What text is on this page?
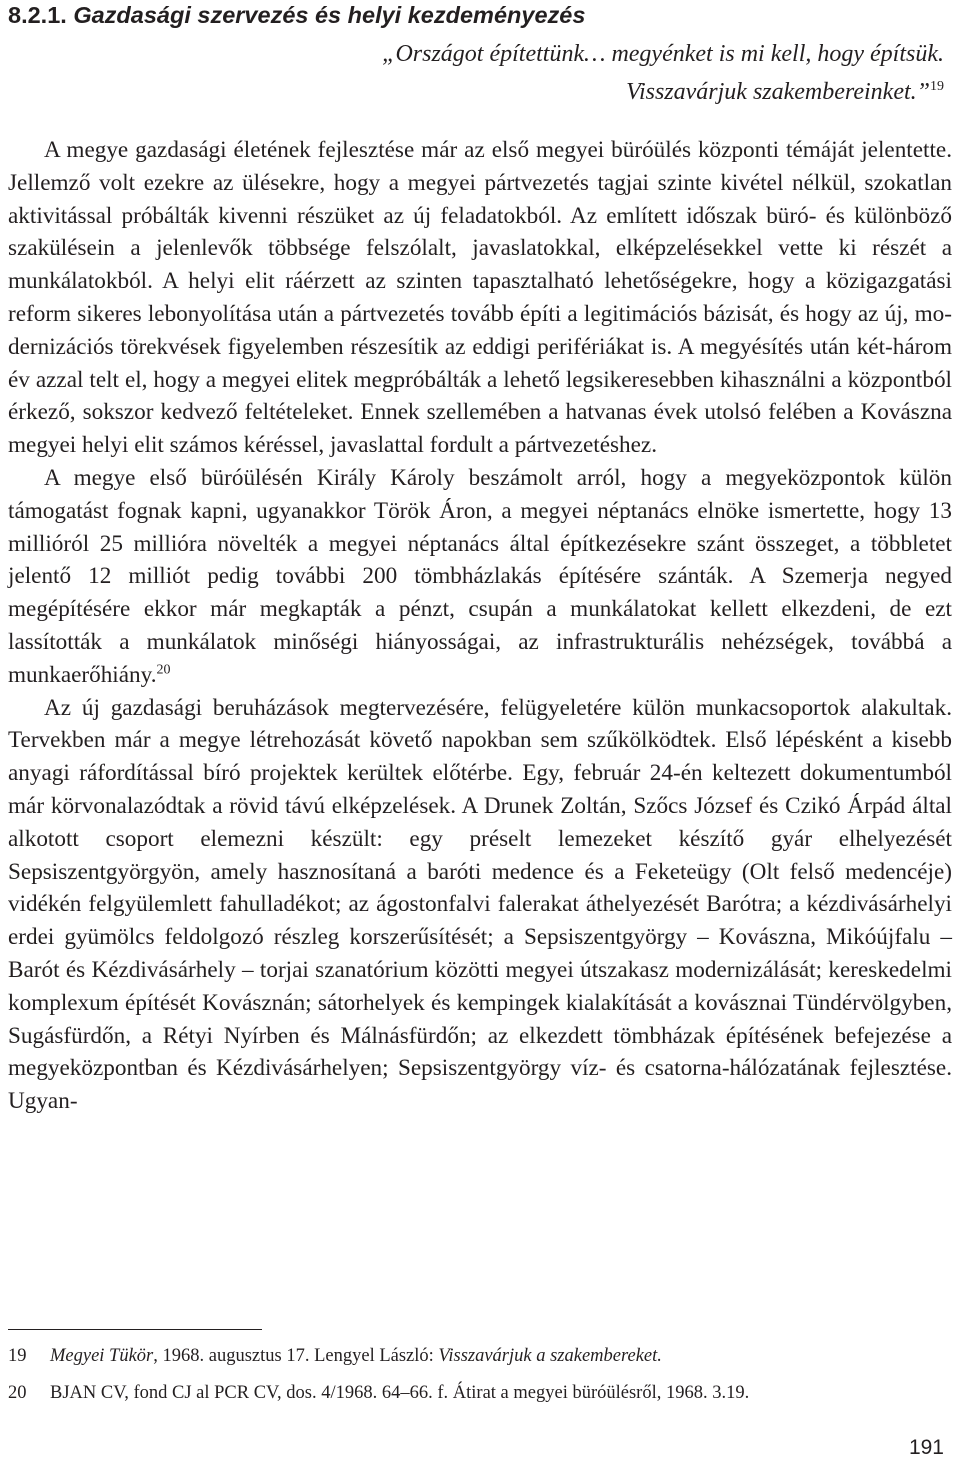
8.2.1. Gazdasági szervezés és helyi kezdeményezés
„Országot építettünk… megyénket is mi kell, hogy építsük.
Visszavárjuk szakembereinket.”$^{19}$

A megye gazdasági életének fejlesztése már az első megyei büróülés központi témáját jelentette. Jellemző volt ezekre az ülésekre, hogy a megyei pártvezetés tagjai szinte kivétel nélkül, szokatlan aktivitással próbálták kivenni részüket az új feladatokból. Az említett időszak büró- és különböző szakülésein a jelenlevők többsége felszólalt, javaslatokkal, elképzelésekkel vette ki részét a munkálatokból. A helyi elit ráérzett az szinten tapasztalható lehetőségekre, hogy a közigazgatási reform sikeres lebonyolítása után a pártvezetés tovább építi a legitimációs bázisát, és hogy az új, modernizációs törekvések figyelemben részesítik az eddigi perifériákat is. A megyésítés után két-három év azzal telt el, hogy a megyei elitek megpróbálták a lehető legsikeresebben kihasználni a központból érkező, sokszor kedvező feltételeket. Ennek szellemében a hatvanas évek utolsó felében a Kovászna megyei helyi elit számos kéréssel, javaslattal fordult a pártvezetéshez.

A megye első büróülésén Király Károly beszámolt arról, hogy a megyeközpontok külön támogatást fognak kapni, ugyanakkor Török Áron, a megyei néptanács elnöke ismertette, hogy 13 millióról 25 millióra növelték a megyei néptanács által építkezésekre szánt összeget, a többletet jelentő 12 milliót pedig további 200 tömbházlakás építésére szánták. A Szemerja negyed megépítésére ekkor már megkapták a pénzt, csupán a munkálatokat kellett elkezdeni, de ezt lassították a munkálatok minőségi hiányosságai, az infrastrukturális nehézségek, továbbá a munkaerőhiány.$^{20}$

Az új gazdasági beruházások megtervezésére, felügyeletére külön munkacsoportok alakultak. Tervekben már a megye létrehozását követő napokban sem szűkölködtek. Első lépésként a kisebb anyagi ráfordítással bíró projektek kerültek előtérbe. Egy, február 24-én keltezett dokumentumból már körvonalazódtak a rövid távú elképzelések. A Drunek Zoltán, Szőcs József és Czikó Árpád által alkotott csoport elemezni készült: egy préselt lemezeket készítő gyár elhelyezését Sepsiszentgyörgyön, amely hasznosítaná a baróti medence és a Feketeügy (Olt felső medencéje) vidékén felgyülemlett fahulladékot; az ágostonfalvi falerakat áthelyezését Barótra; a kézdivásárhelyi erdei gyümölcs feldolgozó részleg korszerűsítését; a Sepsiszentgyörgy – Kovászna, Mikóújfalu – Barót és Kézdivásárhely – torjai szanatórium közötti megyei útszakasz modernizálását; kereskedelmi komplexum építését Kovásznán; sátorhelyek és kempingek kialakítását a kovásznai Tündérvölgyben, Sugásfürdőn, a Rétyi Nyírben és Málnásfürdőn; az elkezdett tömbházak építésének befejezése a megyeközpontban és Kézdivásárhelyen; Sepsiszentgyörgy víz- és csatorna-hálózatának fejlesztése. Ugyan-

19	Megyei Tükör, 1968. augusztus 17. Lengyel László: Visszavárjuk a szakembereket.
20	BJAN CV, fond CJ al PCR CV, dos. 4/1968. 64–66. f. Átirat a megyei büróülésről, 1968. 3.19.
191
